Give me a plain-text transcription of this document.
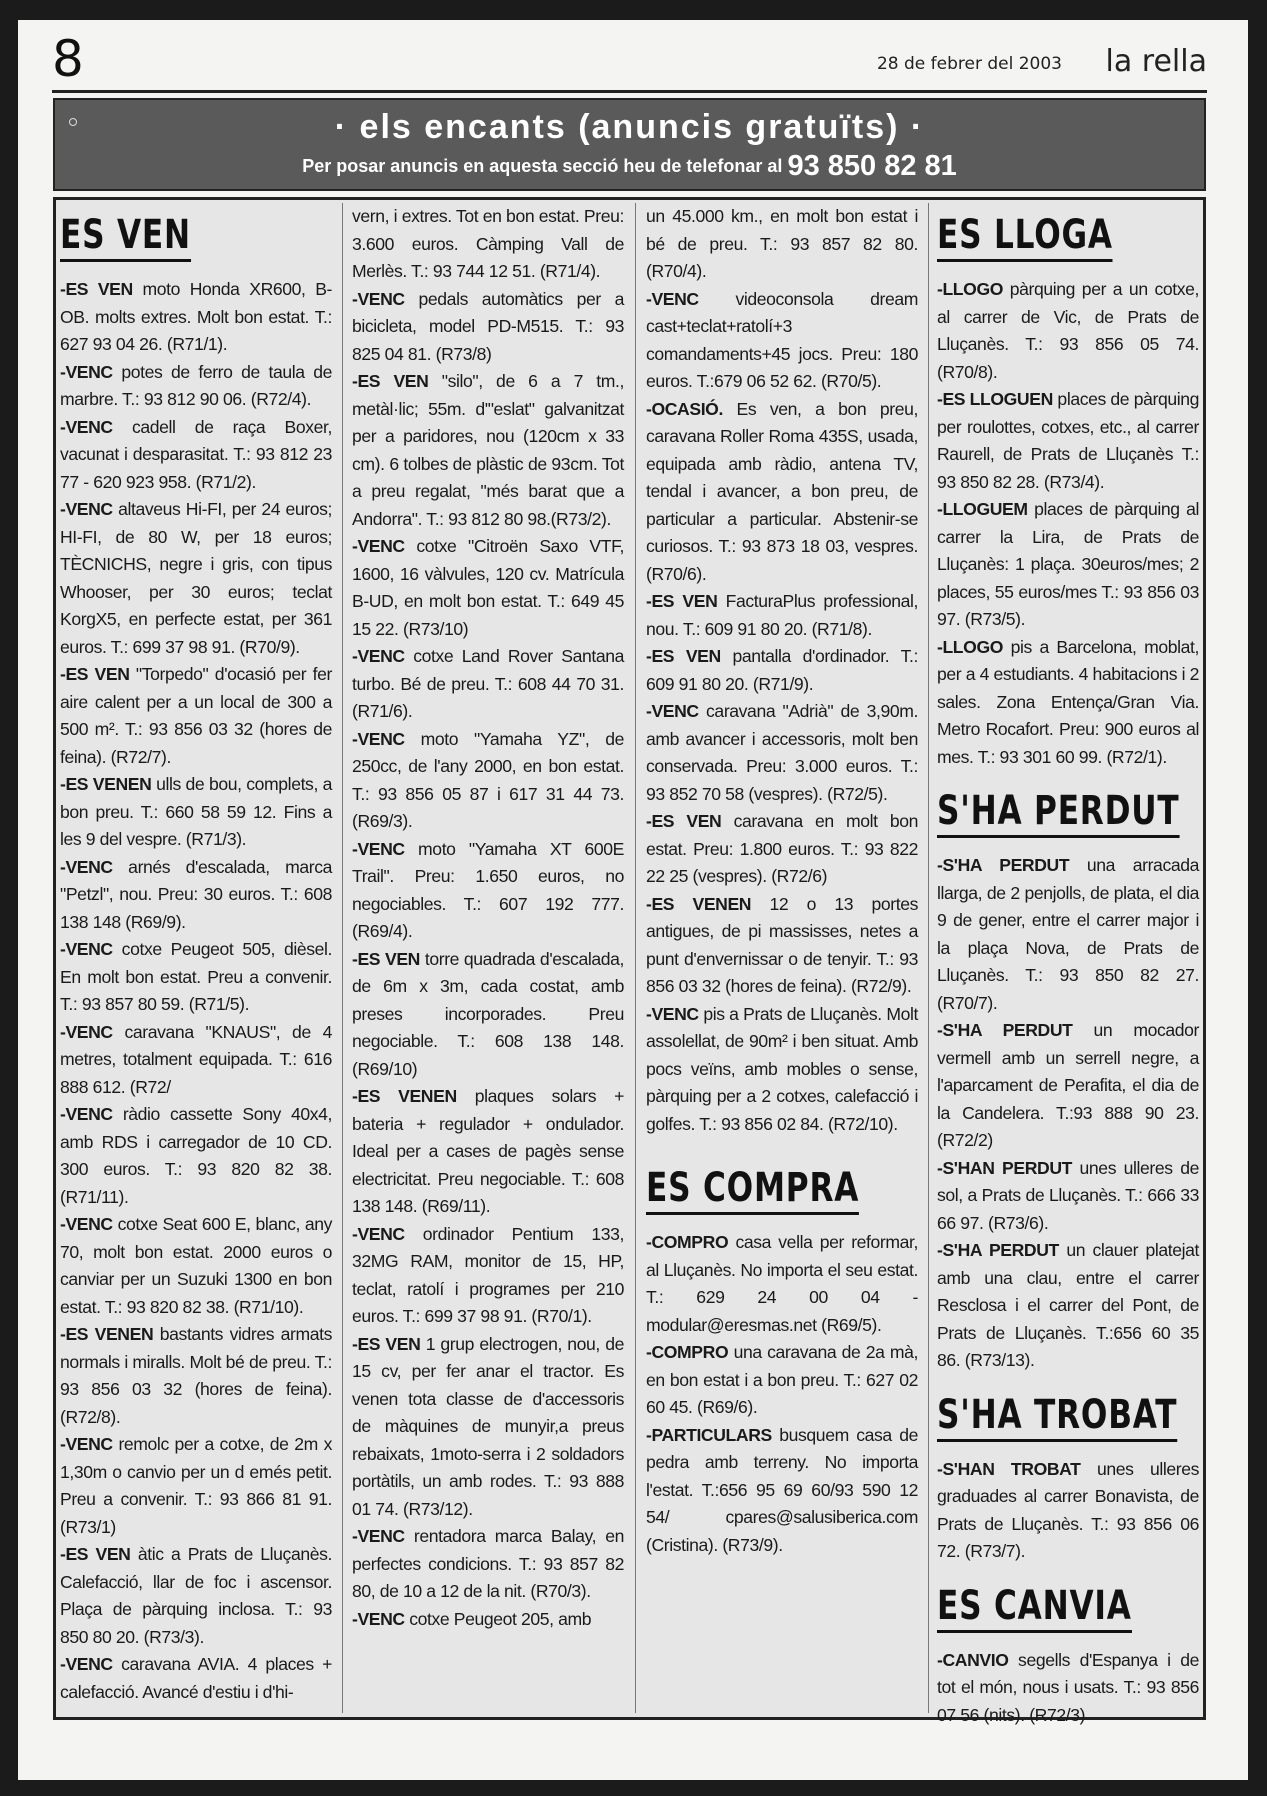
8	28 de febrer del 2003 la rella
· els encants (anuncis gratuïts) ·
Per posar anuncis en aquesta secció heu de telefonar al 93 850 82 81
ES VEN

-ES VEN moto Honda XR600, B-OB. molts extres. Molt bon estat. T.: 627 93 04 26. (R71/1).

-VENC potes de ferro de taula de marbre. T.: 93 812 90 06. (R72/4).

-VENC cadell de raça Boxer, vacunat i desparasitat. T.: 93 812 23 77 - 620 923 958. (R71/2).

-VENC altaveus Hi-FI, per 24 euros; HI-FI, de 80 W, per 18 euros; TÈCNICHS, negre i gris, con tipus Whooser, per 30 euros; teclat KorgX5, en perfecte estat, per 361 euros. T.: 699 37 98 91. (R70/9).

-ES VEN "Torpedo" d'ocasió per fer aire calent per a un local de 300 a 500 m². T.: 93 856 03 32 (hores de feina). (R72/7).

-ES VENEN ulls de bou, complets, a bon preu. T.: 660 58 59 12. Fins a les 9 del vespre. (R71/3).

-VENC arnés d'escalada, marca "Petzl", nou. Preu: 30 euros. T.: 608 138 148 (R69/9).

-VENC cotxe Peugeot 505, dièsel. En molt bon estat. Preu a convenir. T.: 93 857 80 59. (R71/5).

-VENC caravana "KNAUS", de 4 metres, totalment equipada. T.: 616 888 612. (R72/

-VENC ràdio cassette Sony 40x4, amb RDS i carregador de 10 CD. 300 euros. T.: 93 820 82 38. (R71/11).

-VENC cotxe Seat 600 E, blanc, any 70, molt bon estat. 2000 euros o canviar per un Suzuki 1300 en bon estat. T.: 93 820 82 38. (R71/10).

-ES VENEN bastants vidres armats normals i miralls. Molt bé de preu. T.: 93 856 03 32 (hores de feina). (R72/8).

-VENC remolc per a cotxe, de 2m x 1,30m o canvio per un d emés petit. Preu a convenir. T.: 93 866 81 91. (R73/1)

-ES VEN àtic a Prats de Lluçanès. Calefacció, llar de foc i ascensor. Plaça de pàrquing inclosa. T.: 93 850 80 20. (R73/3).

-VENC caravana AVIA. 4 places + calefacció. Avancé d'estiu i d'hi-

vern, i extres. Tot en bon estat. Preu: 3.600 euros. Càmping Vall de Merlès. T.: 93 744 12 51. (R71/4).

-VENC pedals automàtics per a bicicleta, model PD-M515. T.: 93 825 04 81. (R73/8)

-ES VEN "silo", de 6 a 7 tm., metàl·lic; 55m. d'"eslat" galvanitzat per a paridores, nou (120cm x 33 cm). 6 tolbes de plàstic de 93cm. Tot a preu regalat, "més barat que a Andorra". T.: 93 812 80 98.(R73/2).

-VENC cotxe "Citroën Saxo VTF, 1600, 16 vàlvules, 120 cv. Matrícula B-UD, en molt bon estat. T.: 649 45 15 22. (R73/10)

-VENC cotxe Land Rover Santana turbo. Bé de preu. T.: 608 44 70 31. (R71/6).

-VENC moto "Yamaha YZ", de 250cc, de l'any 2000, en bon estat. T.: 93 856 05 87 i 617 31 44 73. (R69/3).

-VENC moto "Yamaha XT 600E Trail". Preu: 1.650 euros, no negociables. T.: 607 192 777. (R69/4).

-ES VEN torre quadrada d'escalada, de 6m x 3m, cada costat, amb preses incorporades. Preu negociable. T.: 608 138 148. (R69/10)

-ES VENEN plaques solars + bateria + regulador + ondulador. Ideal per a cases de pagès sense electricitat. Preu negociable. T.: 608 138 148. (R69/11).

-VENC ordinador Pentium 133, 32MG RAM, monitor de 15, HP, teclat, ratolí i programes per 210 euros. T.: 699 37 98 91. (R70/1).

-ES VEN 1 grup electrogen, nou, de 15 cv, per fer anar el tractor. Es venen tota classe de d'accessoris de màquines de munyir,a preus rebaixats, 1moto-serra i 2 soldadors portàtils, un amb rodes. T.: 93 888 01 74. (R73/12).

-VENC rentadora marca Balay, en perfectes condicions. T.: 93 857 82 80, de 10 a 12 de la nit. (R70/3).

-VENC cotxe Peugeot 205, amb

un 45.000 km., en molt bon estat i bé de preu. T.: 93 857 82 80. (R70/4).

-VENC videoconsola dream cast+teclat+ratolí+3 comandaments+45 jocs. Preu: 180 euros. T.:679 06 52 62. (R70/5).

-OCASIÓ. Es ven, a bon preu, caravana Roller Roma 435S, usada, equipada amb ràdio, antena TV, tendal i avancer, a bon preu, de particular a particular. Abstenir-se curiosos. T.: 93 873 18 03, vespres. (R70/6).

-ES VEN FacturaPlus professional, nou. T.: 609 91 80 20. (R71/8).

-ES VEN pantalla d'ordinador. T.: 609 91 80 20. (R71/9).

-VENC caravana "Adrià" de 3,90m. amb avancer i accessoris, molt ben conservada. Preu: 3.000 euros. T.: 93 852 70 58 (vespres). (R72/5).

-ES VEN caravana en molt bon estat. Preu: 1.800 euros. T.: 93 822 22 25 (vespres). (R72/6)

-ES VENEN 12 o 13 portes antigues, de pi massisses, netes a punt d'envernissar o de tenyir. T.: 93 856 03 32 (hores de feina). (R72/9).

-VENC pis a Prats de Lluçanès. Molt assolellat, de 90m² i ben situat. Amb pocs veïns, amb mobles o sense, pàrquing per a 2 cotxes, calefacció i golfes. T.: 93 856 02 84. (R72/10).

ES COMPRA

-COMPRO casa vella per reformar, al Lluçanès. No importa el seu estat. T.: 629 24 00 04 - modular@eresmas.net (R69/5).

-COMPRO una caravana de 2a mà, en bon estat i a bon preu. T.: 627 02 60 45. (R69/6).

-PARTICULARS busquem casa de pedra amb terreny. No importa l'estat. T.:656 95 69 60/93 590 12 54/ cpares@salusiberica.com (Cristina). (R73/9).

ES LLOGA

-LLOGO pàrquing per a un cotxe, al carrer de Vic, de Prats de Lluçanès. T.: 93 856 05 74. (R70/8).

-ES LLOGUEN places de pàrquing per roulottes, cotxes, etc., al carrer Raurell, de Prats de Lluçanès T.: 93 850 82 28. (R73/4).

-LLOGUEM places de pàrquing al carrer la Lira, de Prats de Lluçanès: 1 plaça. 30euros/mes; 2 places, 55 euros/mes T.: 93 856 03 97. (R73/5).

-LLOGO pis a Barcelona, moblat, per a 4 estudiants. 4 habitacions i 2 sales. Zona Entença/Gran Via. Metro Rocafort. Preu: 900 euros al mes. T.: 93 301 60 99. (R72/1).

S'HA PERDUT

-S'HA PERDUT una arracada llarga, de 2 penjolls, de plata, el dia 9 de gener, entre el carrer major i la plaça Nova, de Prats de Lluçanès. T.: 93 850 82 27. (R70/7).

-S'HA PERDUT un mocador vermell amb un serrell negre, a l'aparcament de Perafita, el dia de la Candelera. T.:93 888 90 23. (R72/2)

-S'HAN PERDUT unes ulleres de sol, a Prats de Lluçanès. T.: 666 33 66 97. (R73/6).

-S'HA PERDUT un clauer platejat amb una clau, entre el carrer Resclosa i el carrer del Pont, de Prats de Lluçanès. T.:656 60 35 86. (R73/13).

S'HA TROBAT

-S'HAN TROBAT unes ulleres graduades al carrer Bonavista, de Prats de Lluçanès. T.: 93 856 06 72. (R73/7).

ES CANVIA

-CANVIO segells d'Espanya i de tot el món, nous i usats. T.: 93 856 07 56 (nits). (R72/3)
